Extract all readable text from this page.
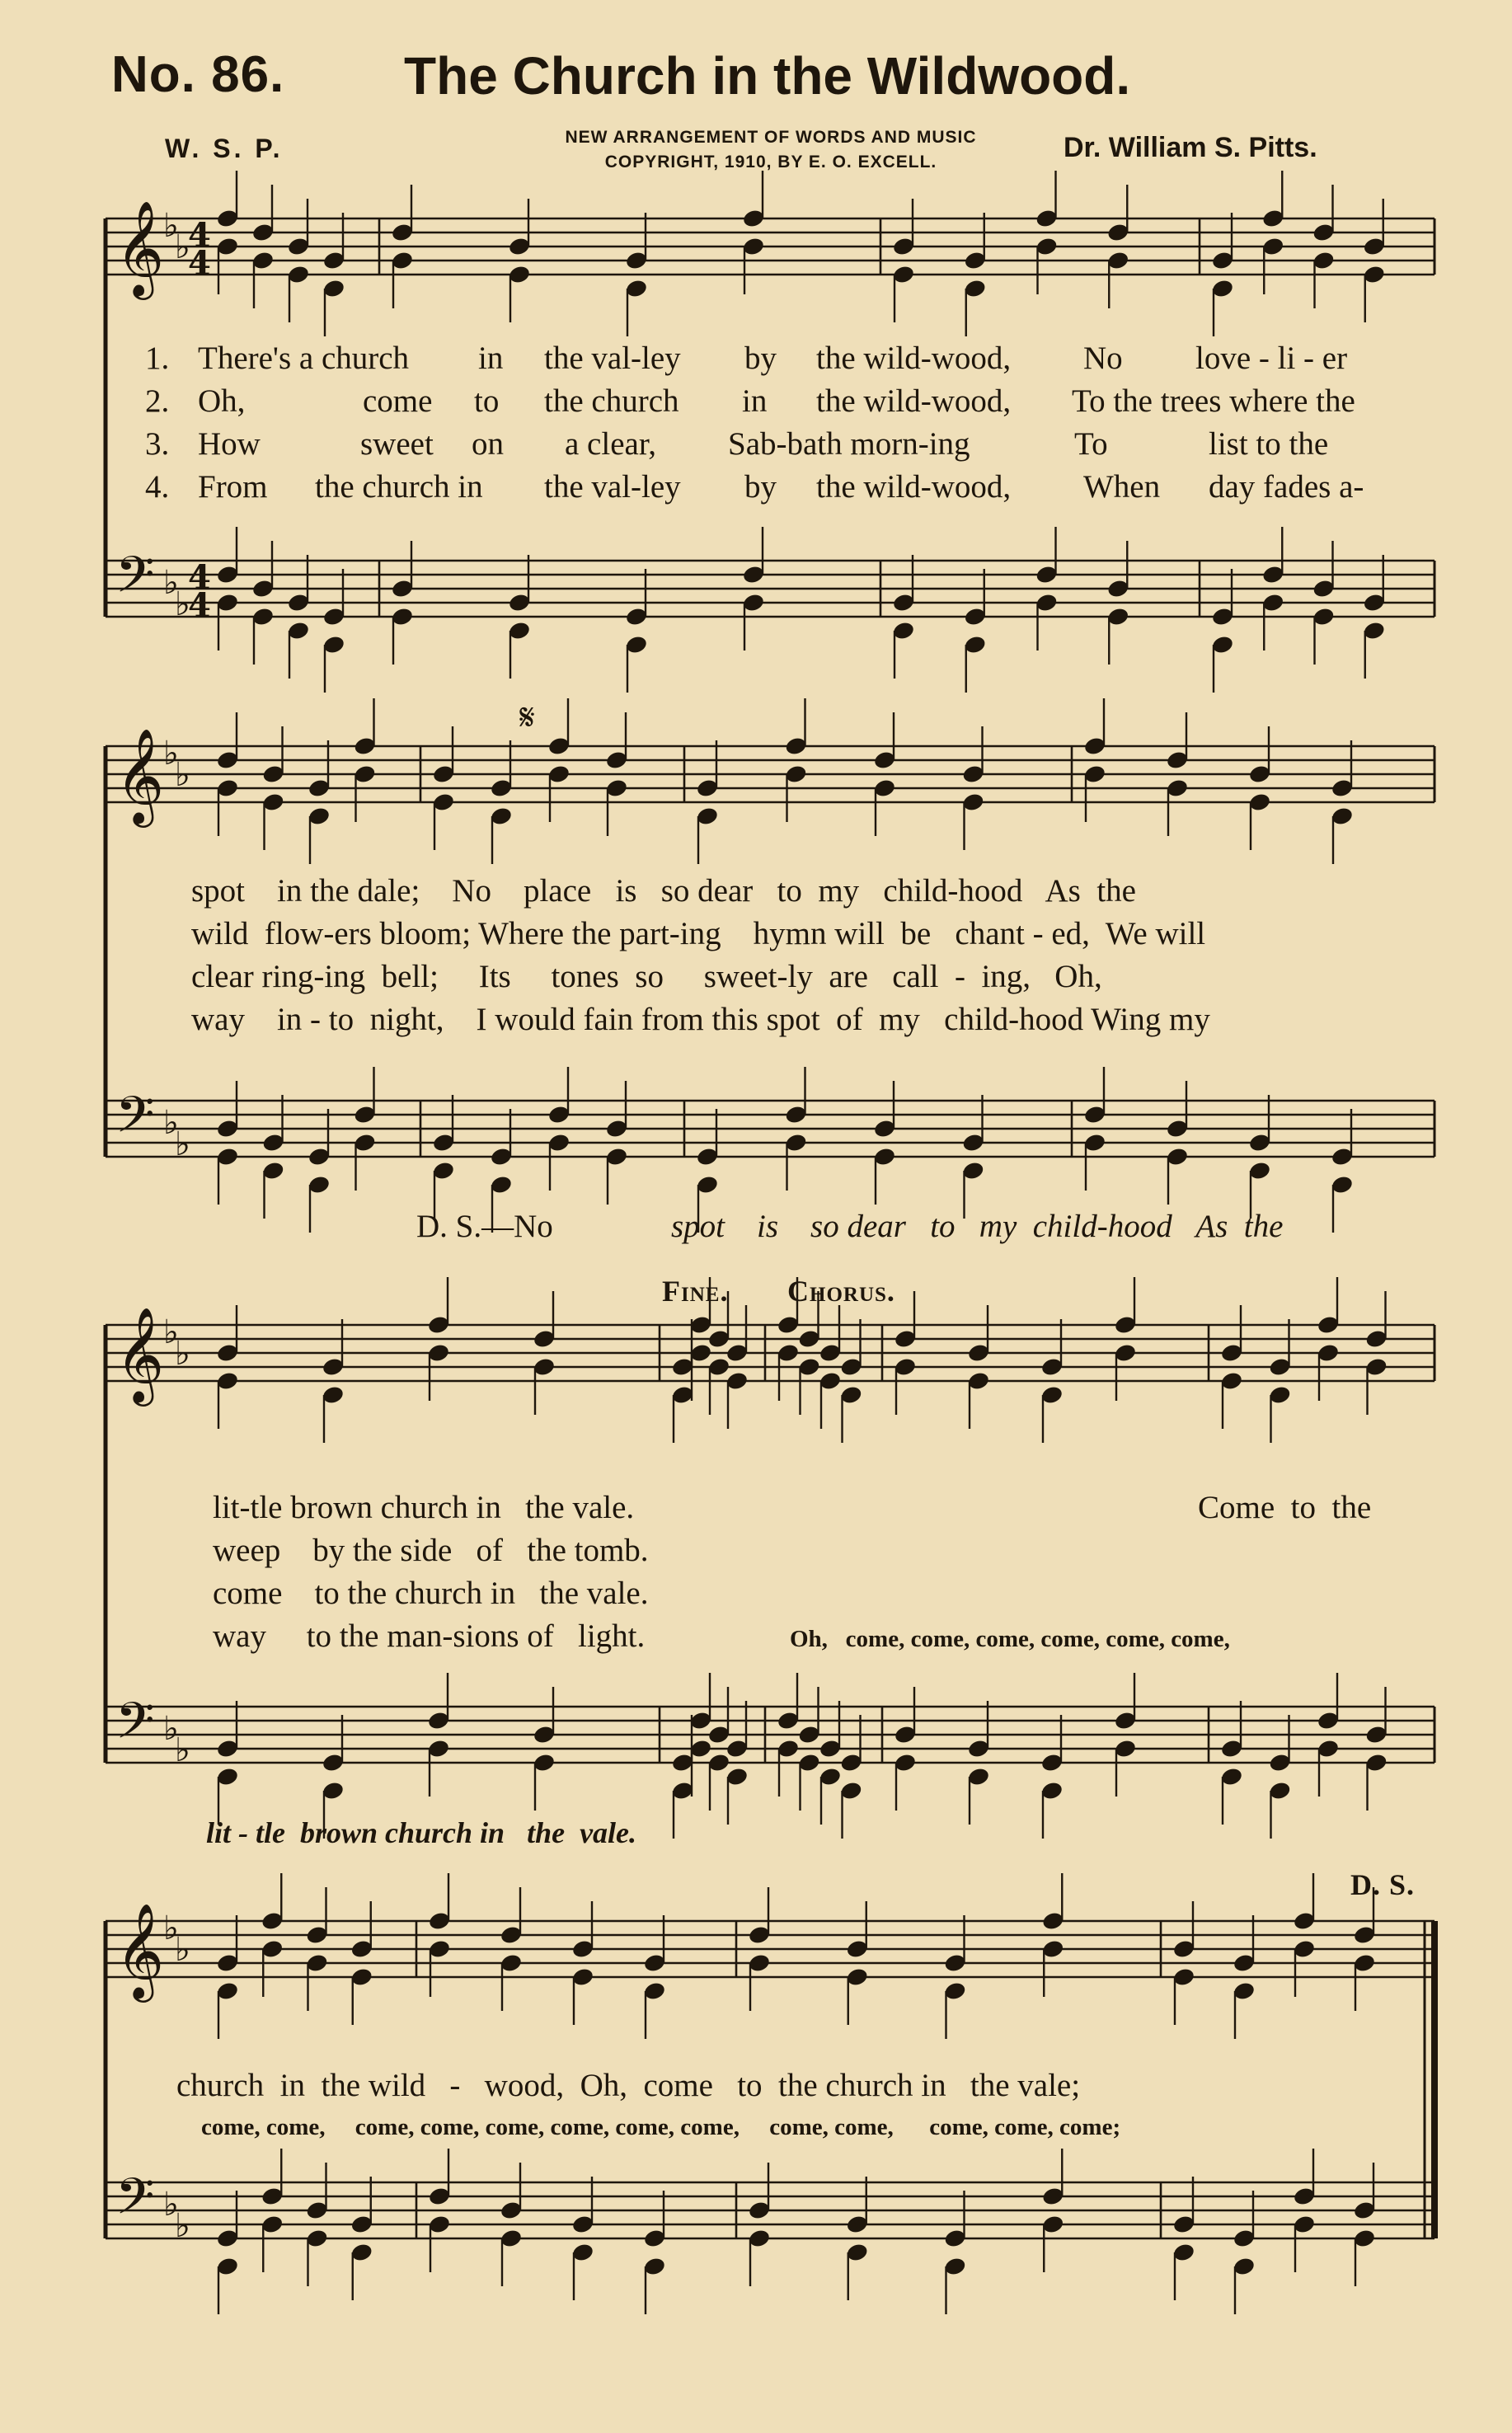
No. 86. The Church in the Wildwood.
W. S. P.	NEW ARRANGEMENT OF WORDS AND MUSIC
COPYRIGHT, 1910, BY E. O. EXCELL.	Dr. William S. Pitts.
𝄞
♭
♭
𝄢 ♭
♭
𝄞
♭
♭
𝄢 ♭
♭
𝄞
♭
♭
𝄢 ♭
♭
𝄞
♭
♭
𝄢 ♭
♭
4
4
4
4
𝄋
1. There's a church in the val-ley by the wild-wood, No love - li - er
2. Oh,	come to the church in the wild-wood, To the trees where the
3. How	sweet on a clear, Sab-bath morn-ing	To	list to the
4. From the church in the val-ley by the wild-wood, When day fades a-
spot    in the dale;    No    place   is   so dear   to  my   child-hood   As  the
wild  flow-ers bloom; Where the part-ing    hymn will  be   chant - ed,  We will
clear ring-ing  bell;     Its     tones  so     sweet-ly  are   call  -  ing,   Oh,
way    in - to  night,    I would fain from this spot  of  my   child-hood Wing my
D. S.—No	spot    is    so dear   to   my  child-hood   As  the
Fine. Chorus.
lit-tle brown church in   the vale.
weep    by the side   of   the tomb.
come    to the church in   the vale.
way     to the man-sions of   light.
Come  to  the
Oh,   come, come, come, come, come, come,
lit - tle  brown church in   the  vale.
D. S.
church  in  the wild   -   wood,  Oh,  come   to  the church in   the vale;
come, come,     come, come, come, come, come, come,     come, come,      come, come, come;
